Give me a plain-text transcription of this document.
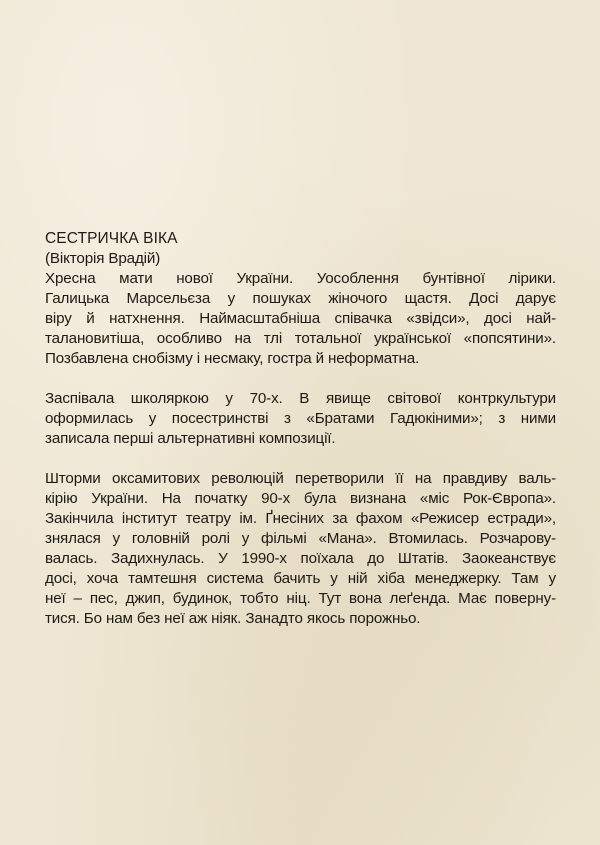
СЕСТРИЧКА ВІКА

(Вікторія Врадій)

Хресна мати нової України. Уособлення бунтівної лірики.
Галицька Марсельєза у пошуках жіночого щастя. Досі дарує
віру й натхнення. Наймасштабніша співачка «звідси», досі най-
талановитіша, особливо на тлі тотальної української «попсятини».
Позбавлена снобізму і несмаку, гостра й неформатна.
Заспівала школяркою у 70-х. В явище світової контркультури
оформилась у посестринстві з «Братами Гадюкіними»; з ними
записала перші альтернативні композиції.
Шторми оксамитових революцій перетворили її на правдиву валь-
кірію України. На початку 90-х була визнана «міс Рок-Європа».
Закінчила інститут театру ім. Ґнесіних за фахом «Режисер естради»,
знялася у головній ролі у фільмі «Мана». Втомилась. Розчарову-
валась. Задихнулась. У 1990-х поїхала до Штатів. Заокеанствує
досі, хоча тамтешня система бачить у ній хіба менеджерку. Там у
неї – пес, джип, будинок, тобто ніц. Тут вона леґенда. Має поверну-
тися. Бо нам без неї аж ніяк. Занадто якось порожньо.
